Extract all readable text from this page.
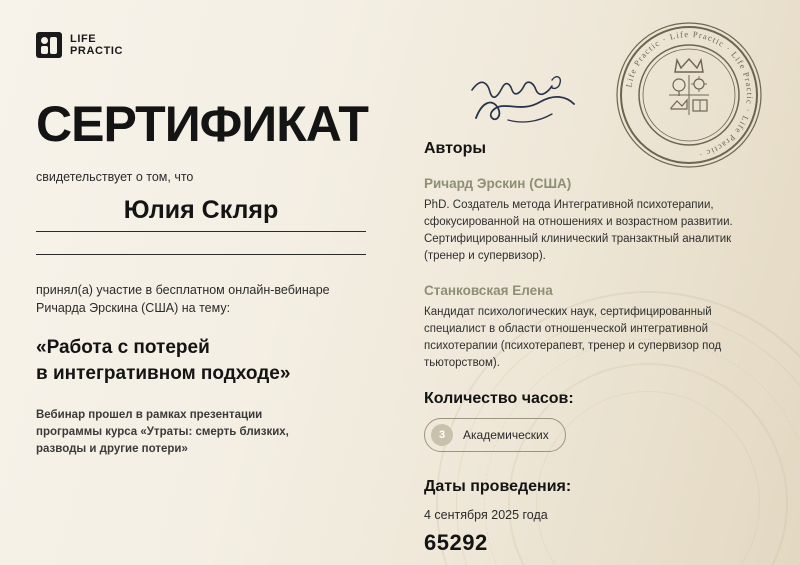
LIFE
PRACTIC
Life Practic · Life Practic · Life Practic · Life Practic ·
СЕРТИФИКАТ
свидетельствует о том, что
Юлия Скляр
принял(а) участие в бесплатном онлайн-вебинаре
Ричарда Эрскина (США) на тему:
«Работа с потерей
в интегративном подходе»
Вебинар прошел в рамках презентации
программы курса «Утраты: смерть близких,
разводы и другие потери»
Авторы
Ричард Эрскин (США)
PhD. Создатель метода Интегративной психотерапии, сфокусированной на отношениях и возрастном развитии. Сертифицированный клинический транзактный аналитик (тренер и супервизор).
Станковская Елена
Кандидат психологических наук, сертифицированный специалист в области отношенческой интегративной психотерапии (психотерапевт, тренер и супервизор под тьюторством).
Количество часов:
3	Академических
Даты проведения:
4 сентября 2025 года
65292
